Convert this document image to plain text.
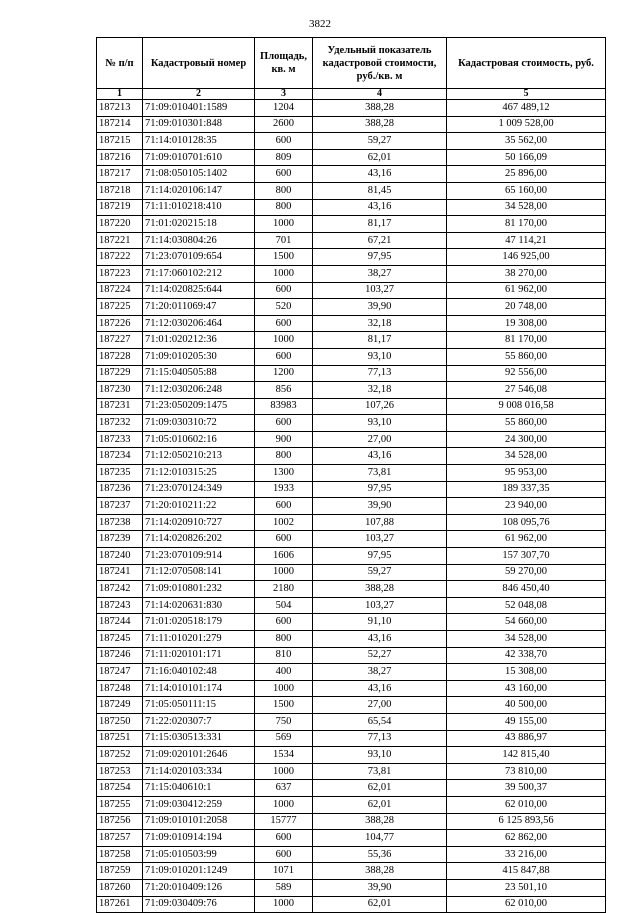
3822
№ п/п	Кадастровый номер	Площадь, кв. м	Удельный показатель кадастровой стоимости, руб./кв. м	Кадастровая стоимость, руб.
1	2	3	4	5
187213	71:09:010401:1589	1204	388,28	467 489,12
187214	71:09:010301:848	2600	388,28	1 009 528,00
187215	71:14:010128:35	600	59,27	35 562,00
187216	71:09:010701:610	809	62,01	50 166,09
187217	71:08:050105:1402	600	43,16	25 896,00
187218	71:14:020106:147	800	81,45	65 160,00
187219	71:11:010218:410	800	43,16	34 528,00
187220	71:01:020215:18	1000	81,17	81 170,00
187221	71:14:030804:26	701	67,21	47 114,21
187222	71:23:070109:654	1500	97,95	146 925,00
187223	71:17:060102:212	1000	38,27	38 270,00
187224	71:14:020825:644	600	103,27	61 962,00
187225	71:20:011069:47	520	39,90	20 748,00
187226	71:12:030206:464	600	32,18	19 308,00
187227	71:01:020212:36	1000	81,17	81 170,00
187228	71:09:010205:30	600	93,10	55 860,00
187229	71:15:040505:88	1200	77,13	92 556,00
187230	71:12:030206:248	856	32,18	27 546,08
187231	71:23:050209:1475	83983	107,26	9 008 016,58
187232	71:09:030310:72	600	93,10	55 860,00
187233	71:05:010602:16	900	27,00	24 300,00
187234	71:12:050210:213	800	43,16	34 528,00
187235	71:12:010315:25	1300	73,81	95 953,00
187236	71:23:070124:349	1933	97,95	189 337,35
187237	71:20:010211:22	600	39,90	23 940,00
187238	71:14:020910:727	1002	107,88	108 095,76
187239	71:14:020826:202	600	103,27	61 962,00
187240	71:23:070109:914	1606	97,95	157 307,70
187241	71:12:070508:141	1000	59,27	59 270,00
187242	71:09:010801:232	2180	388,28	846 450,40
187243	71:14:020631:830	504	103,27	52 048,08
187244	71:01:020518:179	600	91,10	54 660,00
187245	71:11:010201:279	800	43,16	34 528,00
187246	71:11:020101:171	810	52,27	42 338,70
187247	71:16:040102:48	400	38,27	15 308,00
187248	71:14:010101:174	1000	43,16	43 160,00
187249	71:05:050111:15	1500	27,00	40 500,00
187250	71:22:020307:7	750	65,54	49 155,00
187251	71:15:030513:331	569	77,13	43 886,97
187252	71:09:020101:2646	1534	93,10	142 815,40
187253	71:14:020103:334	1000	73,81	73 810,00
187254	71:15:040610:1	637	62,01	39 500,37
187255	71:09:030412:259	1000	62,01	62 010,00
187256	71:09:010101:2058	15777	388,28	6 125 893,56
187257	71:09:010914:194	600	104,77	62 862,00
187258	71:05:010503:99	600	55,36	33 216,00
187259	71:09:010201:1249	1071	388,28	415 847,88
187260	71:20:010409:126	589	39,90	23 501,10
187261	71:09:030409:76	1000	62,01	62 010,00
